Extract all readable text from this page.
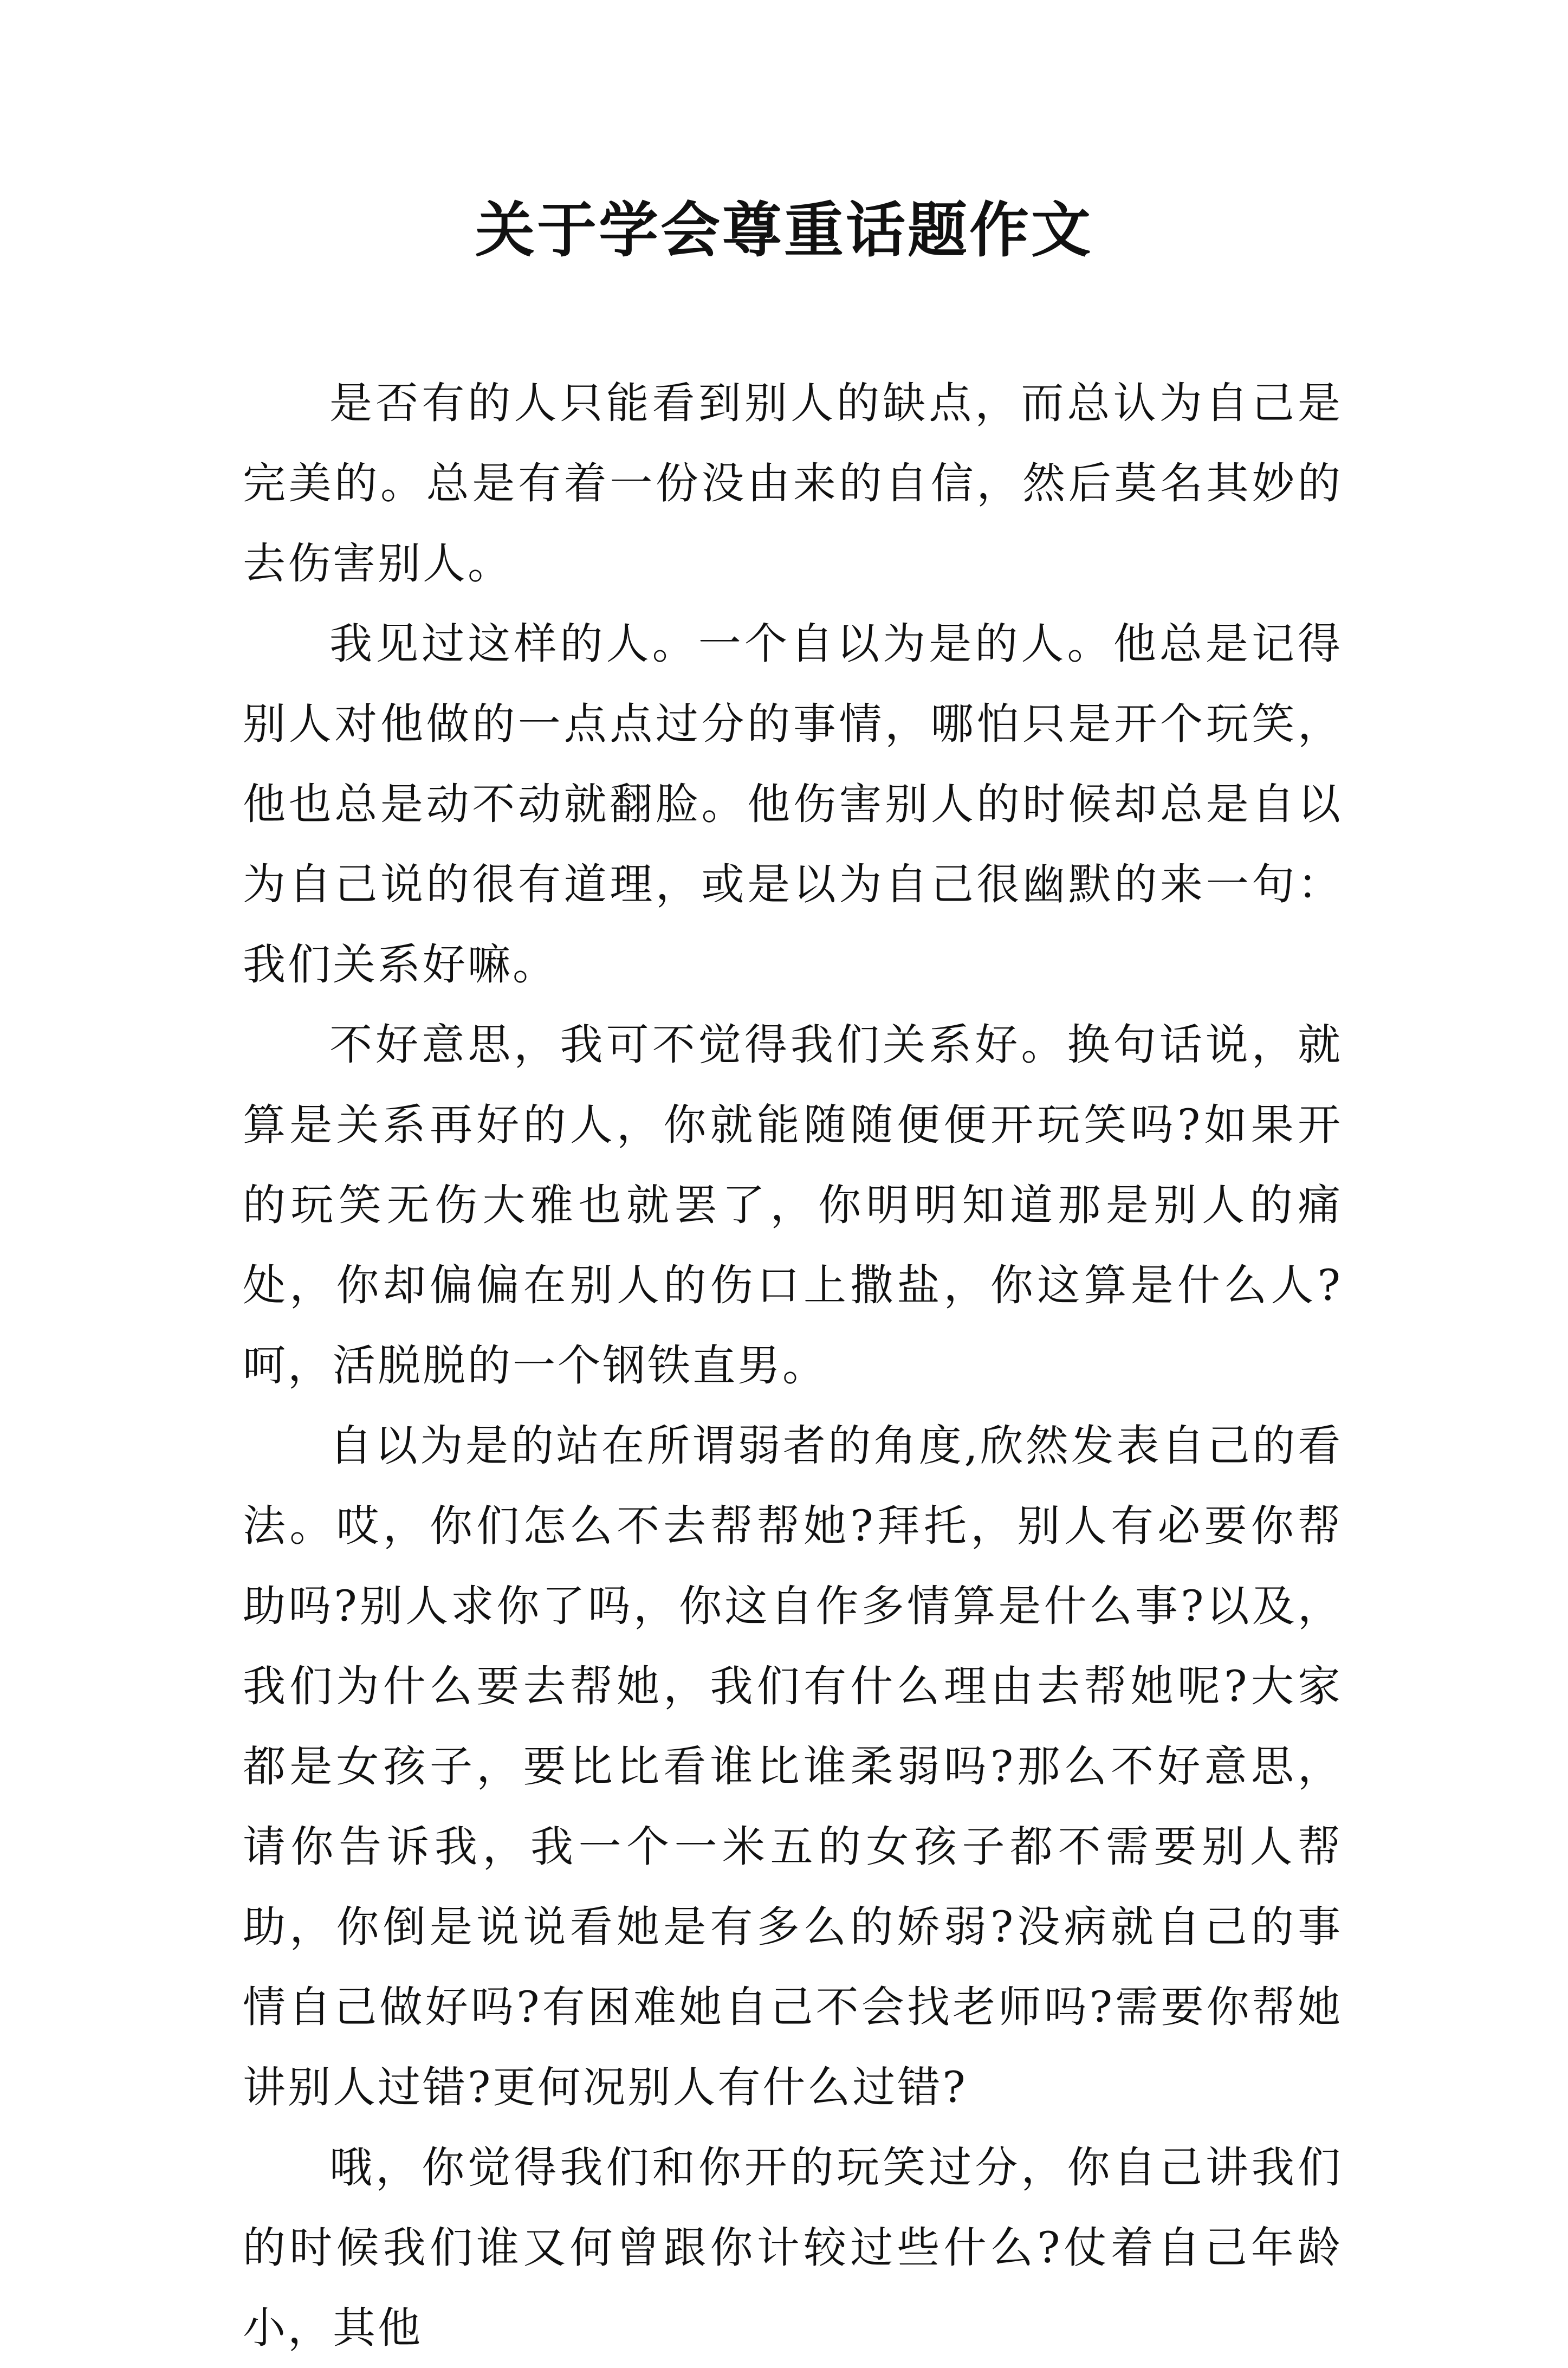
关于学会尊重话题作文

是否有的人只能看到别人的缺点，而总认为自己是完美的。总是有着一份没由来的自信，然后莫名其妙的去伤害别人。

我见过这样的人。一个自以为是的人。他总是记得别人对他做的一点点过分的事情，哪怕只是开个玩笑，他也总是动不动就翻脸。他伤害别人的时候却总是自以为自己说的很有道理，或是以为自己很幽默的来一句：我们关系好嘛。

不好意思，我可不觉得我们关系好。换句话说，就算是关系再好的人，你就能随随便便开玩笑吗?如果开的玩笑无伤大雅也就罢了，你明明知道那是别人的痛处，你却偏偏在别人的伤口上撒盐，你这算是什么人?呵，活脱脱的一个钢铁直男。

自以为是的站在所谓弱者的角度,欣然发表自己的看法。哎，你们怎么不去帮帮她?拜托，别人有必要你帮助吗?别人求你了吗，你这自作多情算是什么事?以及，我们为什么要去帮她，我们有什么理由去帮她呢?大家都是女孩子，要比比看谁比谁柔弱吗?那么不好意思，请你告诉我，我一个一米五的女孩子都不需要别人帮助，你倒是说说看她是有多么的娇弱?没病就自己的事情自己做好吗?有困难她自己不会找老师吗?需要你帮她讲别人过错?更何况别人有什么过错?

哦，你觉得我们和你开的玩笑过分，你自己讲我们的时候我们谁又何曾跟你计较过些什么?仗着自己年龄小，其他
